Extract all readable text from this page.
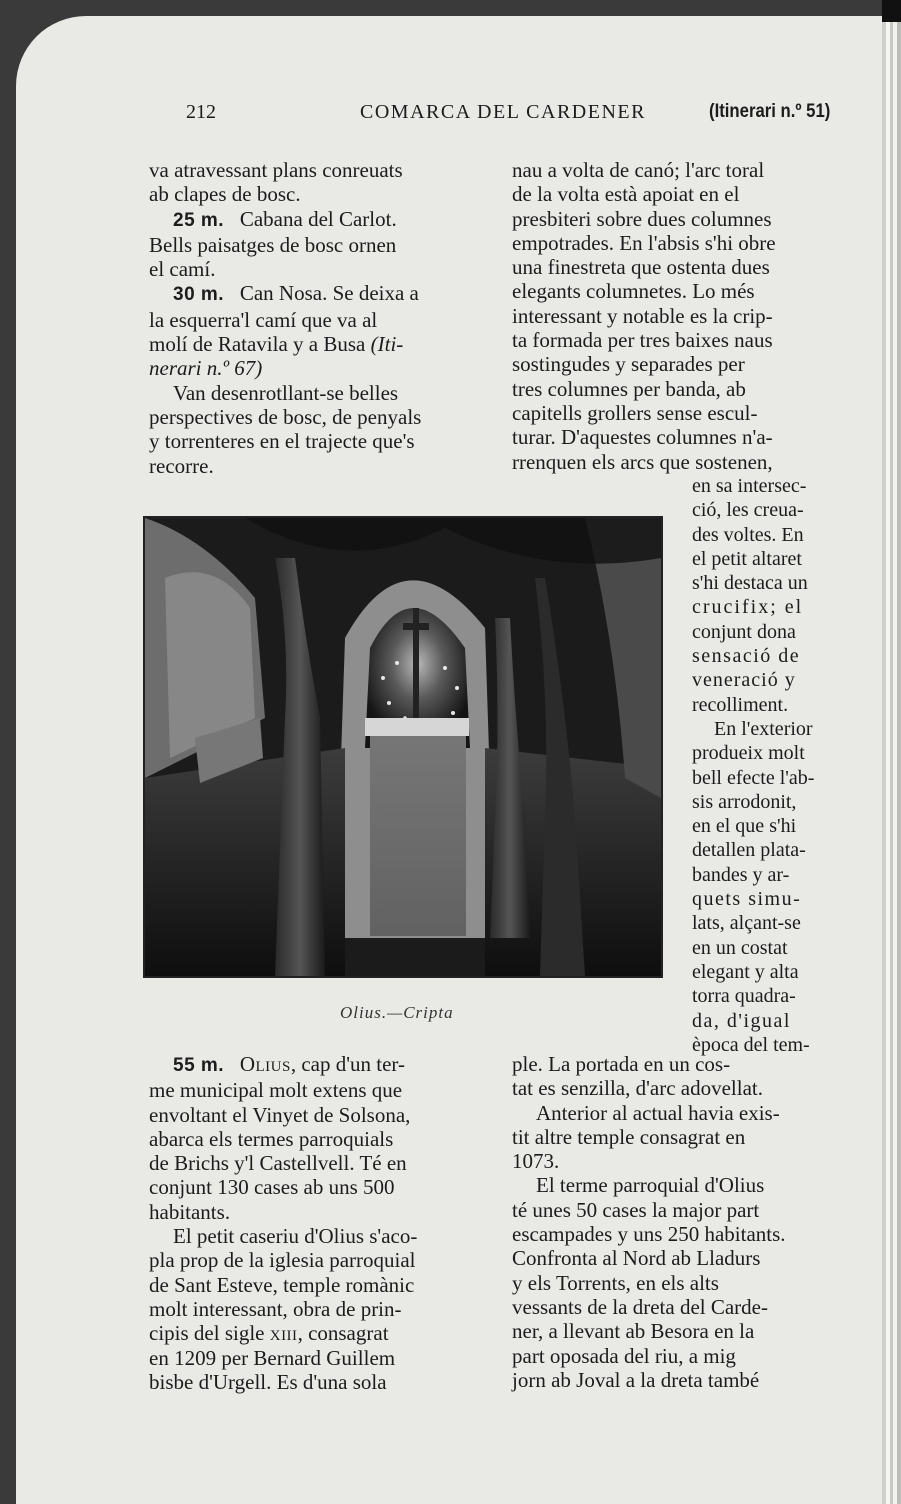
212	COMARCA DEL CARDENER	(Itinerari n.º 51)
va atravessant plans conreuats
ab clapes de bosc.
25 m. Cabana del Carlot.
Bells paisatges de bosc ornen
el camí.
30 m. Can Nosa. Se deixa a
la esquerra'l camí que va al
molí de Ratavila y a Busa (Iti-
nerari n.º 67)
Van desenrotllant-se belles
perspectives de bosc, de penyals
y torrenteres en el trajecte que's
recorre.
nau a volta de canó; l'arc toral
de la volta està apoiat en el
presbiteri sobre dues columnes
empotrades. En l'absis s'hi obre
una finestreta que ostenta dues
elegants columnetes. Lo més
interessant y notable es la crip-
ta formada per tres baixes naus
sostingudes y separades per
tres columnes per banda, ab
capitells grollers sense escul-
turar. D'aquestes columnes n'a-
rrenquen els arcs que sostenen,
en sa intersec-
ció, les creua-
des voltes. En
el petit altaret
s'hi destaca un
crucifix; el
conjunt dona
sensació de
veneració y
recolliment.
En l'exterior
produeix molt
bell efecte l'ab-
sis arrodonit,
en el que s'hi
detallen plata-
bandes y ar-
quets simu-
lats, alçant-se
en un costat
elegant y alta
torra quadra-
da, d'igual
època del tem-
Olius.—Cripta
55 m. Olius, cap d'un ter-
me municipal molt extens que
envoltant el Vinyet de Solsona,
abarca els termes parroquials
de Brichs y'l Castellvell. Té en
conjunt 130 cases ab uns 500
habitants.
El petit caseriu d'Olius s'aco-
pla prop de la iglesia parroquial
de Sant Esteve, temple romànic
molt interessant, obra de prin-
cipis del sigle xiii, consagrat
en 1209 per Bernard Guillem
bisbe d'Urgell. Es d'una sola
ple. La portada en un cos-
tat es senzilla, d'arc adovellat.
Anterior al actual havia exis-
tit altre temple consagrat en
1073.
El terme parroquial d'Olius
té unes 50 cases la major part
escampades y uns 250 habitants.
Confronta al Nord ab Lladurs
y els Torrents, en els alts
vessants de la dreta del Carde-
ner, a llevant ab Besora en la
part oposada del riu, a mig
jorn ab Joval a la dreta també
